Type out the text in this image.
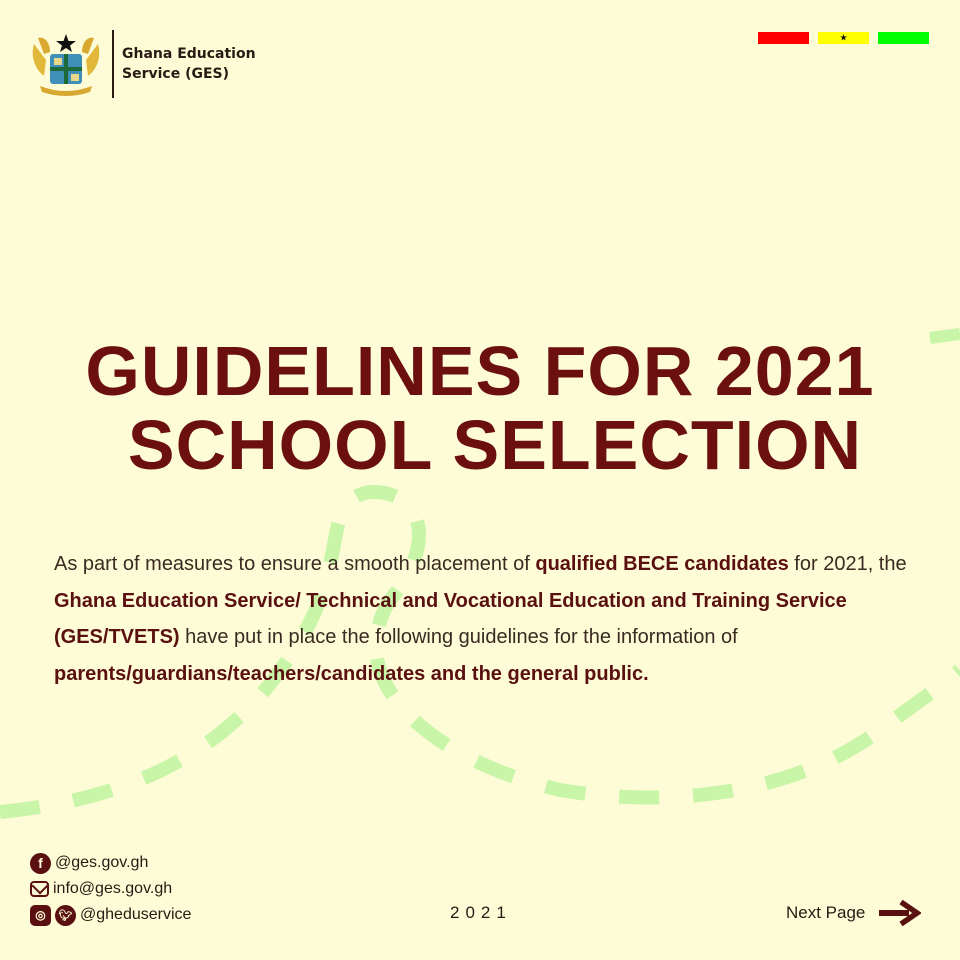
Ghana Education
Service (GES)
★
GUIDELINES FOR 2021
SCHOOL SELECTION

As part of measures to ensure a smooth placement of qualified BECE candidates for 2021, the Ghana Education Service/ Technical and Vocational Education and Training Service (GES/TVETS) have put in place the following guidelines for the information of parents/guardians/teachers/candidates and the general public.

f @ges.gov.gh
info@ges.gov.gh
◎	🐦︎ @gheduservice	2021	Next Page
